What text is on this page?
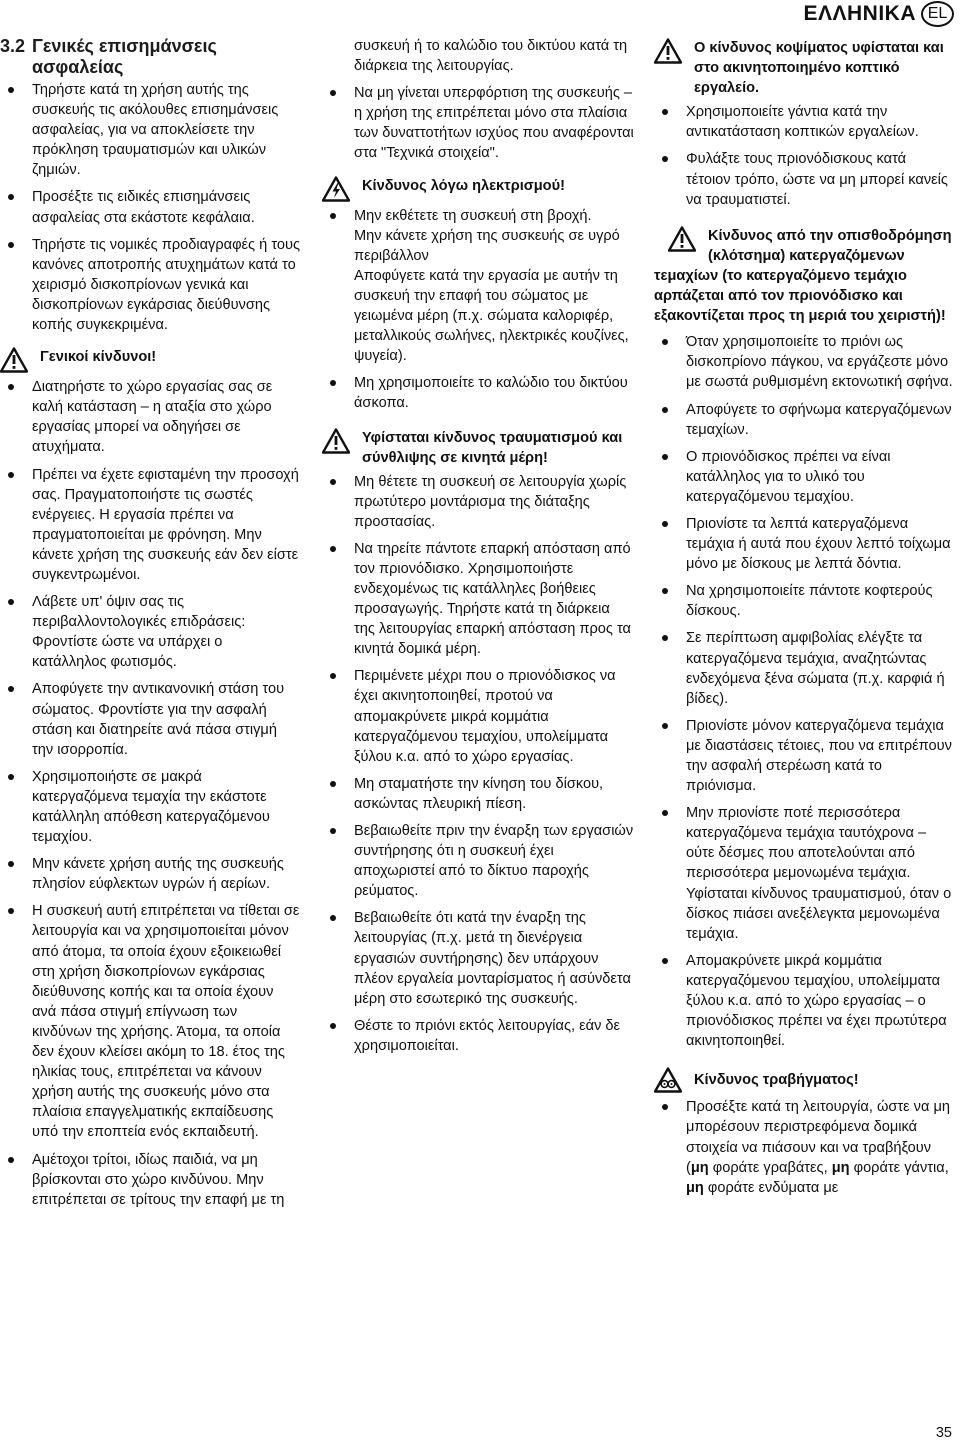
ΕΛΛΗΝΙΚΑ EL
3.2 Γενικές επισημάνσεις ασφαλείας
Τηρήστε κατά τη χρήση αυτής της συσκευής τις ακόλουθες επισημάνσεις ασφαλείας, για να αποκλείσετε την πρόκληση τραυματισμών και υλικών ζημιών.
Προσέξτε τις ειδικές επισημάνσεις ασφαλείας στα εκάστοτε κεφάλαια.
Τηρήστε τις νομικές προδιαγραφές ή τους κανόνες αποτροπής ατυχημάτων κατά το χειρισμό δισκοπρίονων γενικά και δισκοπρίονων εγκάρσιας διεύθυνσης κοπής συγκεκριμένα.
Γενικοί κίνδυνοι!
Διατηρήστε το χώρο εργασίας σας σε καλή κατάσταση – η αταξία στο χώρο εργασίας μπορεί να οδηγήσει σε ατυχήματα.
Πρέπει να έχετε εφισταμένη την προσοχή σας. Πραγματοποιήστε τις σωστές ενέργειες. Η εργασία πρέπει να πραγματοποιείται με φρόνηση. Μην κάνετε χρήση της συσκευής εάν δεν είστε συγκεντρωμένοι.
Λάβετε υπ' όψιν σας τις περιβαλλοντολογικές επιδράσεις: Φροντίστε ώστε να υπάρχει ο κατάλληλος φωτισμός.
Αποφύγετε την αντικανονική στάση του σώματος. Φροντίστε για την ασφαλή στάση και διατηρείτε ανά πάσα στιγμή την ισορροπία.
Χρησιμοποιήστε σε μακρά κατεργαζόμενα τεμαχία την εκάστοτε κατάλληλη απόθεση κατεργαζόμενου τεμαχίου.
Μην κάνετε χρήση αυτής της συσκευής πλησίον εύφλεκτων υγρών ή αερίων.
Η συσκευή αυτή επιτρέπεται να τίθεται σε λειτουργία και να χρησιμοποιείται μόνον από άτομα, τα οποία έχουν εξοικειωθεί στη χρήση δισκοπρίονων εγκάρσιας διεύθυνσης κοπής και τα οποία έχουν ανά πάσα στιγμή επίγνωση των κινδύνων της χρήσης. Άτομα, τα οποία δεν έχουν κλείσει ακόμη το 18. έτος της ηλικίας τους, επιτρέπεται να κάνουν χρήση αυτής της συσκευής μόνο στα πλαίσια επαγγελματικής εκπαίδευσης υπό την εποπτεία ενός εκπαιδευτή.
Αμέτοχοι τρίτοι, ιδίως παιδιά, να μη βρίσκονται στο χώρο κινδύνου. Μην επιτρέπεται σε τρίτους την επαφή με τη
συσκευή ή το καλώδιο του δικτύου κατά τη διάρκεια της λειτουργίας.
Να μη γίνεται υπερφόρτιση της συσκευής – η χρήση της επιτρέπεται μόνο στα πλαίσια των δυναττοτήτων ισχύος που αναφέρονται στα "Τεχνικά στοιχεία".
Κίνδυνος λόγω ηλεκτρισμού!
Μην εκθέτετε τη συσκευή στη βροχή.
Μην κάνετε χρήση της συσκευής σε υγρό περιβάλλον
Αποφύγετε κατά την εργασία με αυτήν τη συσκευή την επαφή του σώματος με γειωμένα μέρη (π.χ. σώματα καλοριφέρ, μεταλλικούς σωλήνες, ηλεκτρικές κουζίνες, ψυγεία).
Μη χρησιμοποιείτε το καλώδιο του δικτύου άσκοπα.
Υφίσταται κίνδυνος τραυματισμού και σύνθλιψης σε κινητά μέρη!
Μη θέτετε τη συσκευή σε λειτουργία χωρίς πρωτύτερο μοντάρισμα της διάταξης προστασίας.
Να τηρείτε πάντοτε επαρκή απόσταση από τον πριονόδισκο. Χρησιμοποιήστε ενδεχομένως τις κατάλληλες βοήθειες προσαγωγής. Τηρήστε κατά τη διάρκεια της λειτουργίας επαρκή απόσταση προς τα κινητά δομικά μέρη.
Περιμένετε μέχρι που ο πριονόδισκος να έχει ακινητοποιηθεί, προτού να απομακρύνετε μικρά κομμάτια κατεργαζόμενου τεμαχίου, υπολείμματα ξύλου κ.α. από το χώρο εργασίας.
Μη σταματήστε την κίνηση του δίσκου, ασκώντας πλευρική πίεση.
Βεβαιωθείτε πριν την έναρξη των εργασιών συντήρησης ότι η συσκευή έχει αποχωριστεί από το δίκτυο παροχής ρεύματος.
Βεβαιωθείτε ότι κατά την έναρξη της λειτουργίας (π.χ. μετά τη διενέργεια εργασιών συντήρησης) δεν υπάρχουν πλέον εργαλεία μονταρίσματος ή ασύνδετα μέρη στο εσωτερικό της συσκευής.
Θέστε το πριόνι εκτός λειτουργίας, εάν δε χρησιμοποιείται.
Ο κίνδυνος κοψίματος υφίσταται και στο ακινητοποιημένο κοπτικό εργαλείο.
Χρησιμοποιείτε γάντια κατά την αντικατάσταση κοπτικών εργαλείων.
Φυλάξτε τους πριονόδισκους κατά τέτοιον τρόπο, ώστε να μη μπορεί κανείς να τραυματιστεί.
Κίνδυνος από την οπισθοδρόμηση (κλότσημα) κατεργαζόμενων τεμαχίων (το κατεργαζόμενο τεμάχιο αρπάζεται από τον πριονόδισκο και εξακοντίζεται προς τη μεριά του χειριστή)!
Όταν χρησιμοποιείτε το πριόνι ως δισκοπρίονο πάγκου, να εργάζεστε μόνο με σωστά ρυθμισμένη εκτονωτική σφήνα.
Αποφύγετε το σφήνωμα κατεργαζόμενων τεμαχίων.
Ο πριονόδισκος πρέπει να είναι κατάλληλος για το υλικό του κατεργαζόμενου τεμαχίου.
Πριονίστε τα λεπτά κατεργαζόμενα τεμάχια ή αυτά που έχουν λεπτό τοίχωμα μόνο με δίσκους με λεπτά δόντια.
Να χρησιμοποιείτε πάντοτε κοφτερούς δίσκους.
Σε περίπτωση αμφιβολίας ελέγξτε τα κατεργαζόμενα τεμάχια, αναζητώντας ενδεχόμενα ξένα σώματα (π.χ. καρφιά ή βίδες).
Πριονίστε μόνον κατεργαζόμενα τεμάχια με διαστάσεις τέτοιες, που να επιτρέπουν την ασφαλή στερέωση κατά το πριόνισμα.
Μην πριονίστε ποτέ περισσότερα κατεργαζόμενα τεμάχια ταυτόχρονα – ούτε δέσμες που αποτελούνται από περισσότερα μεμονωμένα τεμάχια. Υφίσταται κίνδυνος τραυματισμού, όταν ο δίσκος πιάσει ανεξέλεγκτα μεμονωμένα τεμάχια.
Απομακρύνετε μικρά κομμάτια κατεργαζόμενου τεμαχίου, υπολείμματα ξύλου κ.α. από το χώρο εργασίας – ο πριονόδισκος πρέπει να έχει πρωτύτερα ακινητοποιηθεί.
Κίνδυνος τραβήγματος!
Προσέξτε κατά τη λειτουργία, ώστε να μη μπορέσουν περιστρεφόμενα δομικά στοιχεία να πιάσουν και να τραβήξουν (μη φοράτε γραβάτες, μη φοράτε γάντια, μη φοράτε ενδύματα με
35
